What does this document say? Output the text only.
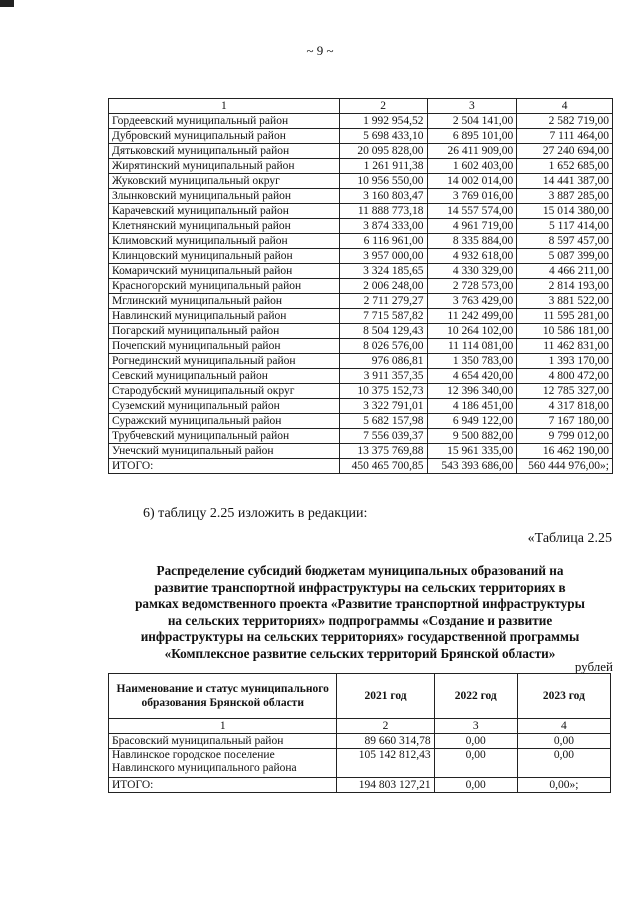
~ 9 ~
1	2	3	4
Гордеевский муниципальный район	1 992 954,52	2 504 141,00	2 582 719,00
Дубровский муниципальный район	5 698 433,10	6 895 101,00	7 111 464,00
Дятьковский муниципальный район	20 095 828,00	26 411 909,00	27 240 694,00
Жирятинский муниципальный район	1 261 911,38	1 602 403,00	1 652 685,00
Жуковский муниципальный округ	10 956 550,00	14 002 014,00	14 441 387,00
Злынковский муниципальный район	3 160 803,47	3 769 016,00	3 887 285,00
Карачевский муниципальный район	11 888 773,18	14 557 574,00	15 014 380,00
Клетнянский муниципальный район	3 874 333,00	4 961 719,00	5 117 414,00
Климовский муниципальный район	6 116 961,00	8 335 884,00	8 597 457,00
Клинцовский муниципальный район	3 957 000,00	4 932 618,00	5 087 399,00
Комаричский муниципальный район	3 324 185,65	4 330 329,00	4 466 211,00
Красногорский муниципальный район	2 006 248,00	2 728 573,00	2 814 193,00
Мглинский муниципальный район	2 711 279,27	3 763 429,00	3 881 522,00
Навлинский муниципальный район	7 715 587,82	11 242 499,00	11 595 281,00
Погарский муниципальный район	8 504 129,43	10 264 102,00	10 586 181,00
Почепский муниципальный район	8 026 576,00	11 114 081,00	11 462 831,00
Рогнединский муниципальный район	976 086,81	1 350 783,00	1 393 170,00
Севский муниципальный район	3 911 357,35	4 654 420,00	4 800 472,00
Стародубский муниципальный округ	10 375 152,73	12 396 340,00	12 785 327,00
Суземский муниципальный район	3 322 791,01	4 186 451,00	4 317 818,00
Суражский муниципальный район	5 682 157,98	6 949 122,00	7 167 180,00
Трубчевский муниципальный район	7 556 039,37	9 500 882,00	9 799 012,00
Унечский муниципальный район	13 375 769,88	15 961 335,00	16 462 190,00
ИТОГО:	450 465 700,85	543 393 686,00	560 444 976,00»;
6) таблицу 2.25 изложить в редакции:
«Таблица 2.25
Распределение субсидий бюджетам муниципальных образований на
развитие транспортной инфраструктуры на сельских территориях в
рамках ведомственного проекта «Развитие транспортной инфраструктуры
на сельских территориях» подпрограммы «Создание и развитие
инфраструктуры на сельских территориях» государственной программы
«Комплексное развитие сельских территорий Брянской области»
рублей
Наименование и статус муниципального образования Брянской области	2021 год	2022 год	2023 год
1	2	3	4
Брасовский муниципальный район	89 660 314,78	0,00	0,00
Навлинское городское поселение Навлинского муниципального района	105 142 812,43	0,00	0,00
ИТОГО:	194 803 127,21	0,00	0,00»;
